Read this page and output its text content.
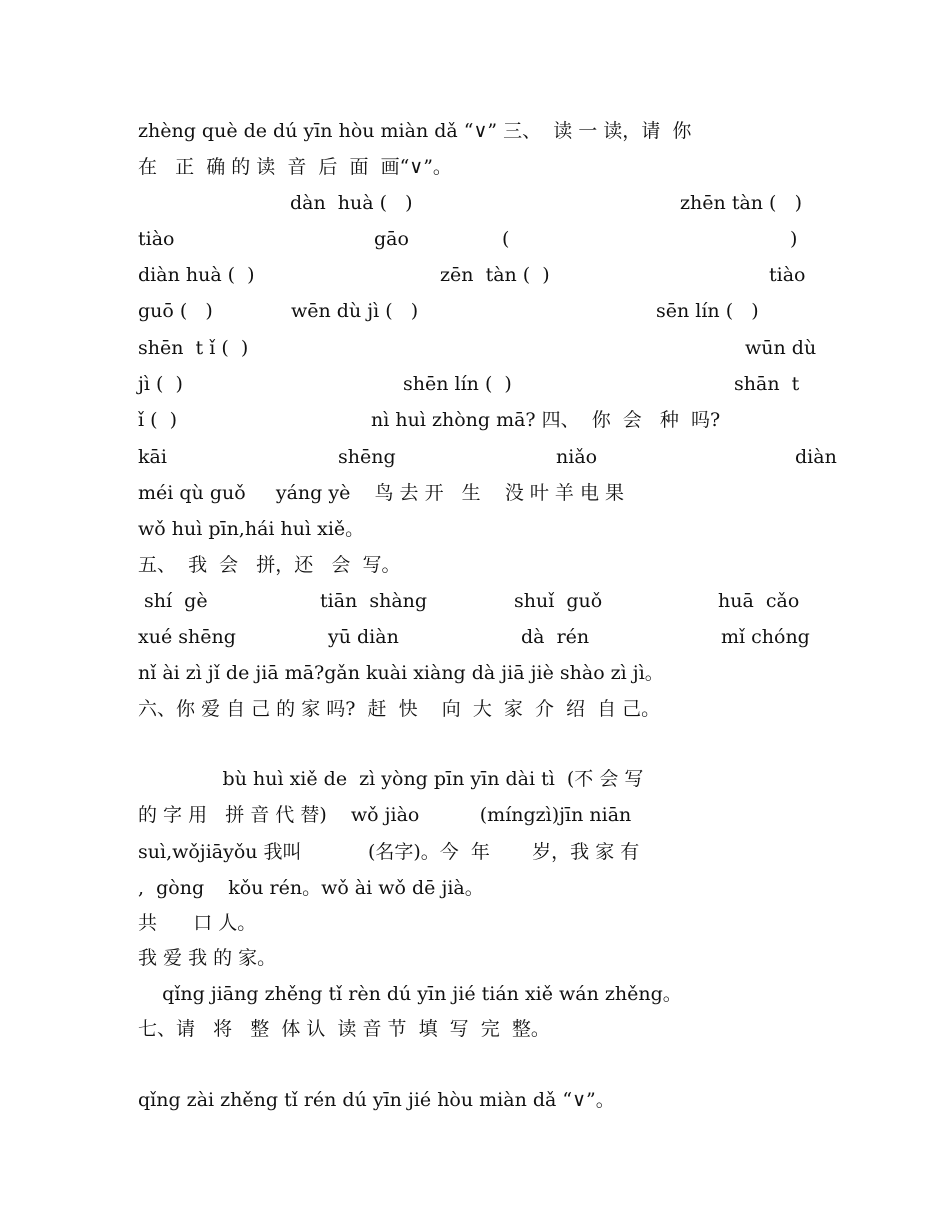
zhèng què de dú yīn hòu miàn dǎ “∨” 三、  读 一 读，请  你
在   正  确 的 读  音  后  面  画“∨”。
dàn  huà (   )	zhēn tàn (   )
tiào	gāo	(	)
diàn huà (  )	zēn  tàn (  )	tiào
guō (   )	wēn dù jì (   )	sēn lín (   )
shēn  t ǐ (  )	wūn dù
jì (  )	shēn lín (  )	shān  t
ǐ (  )	nì huì zhòng mā? 四、  你  会   种  吗?
kāi	shēng	niǎo	diàn
méi qù guǒ     yáng yè    鸟 去 开   生    没 叶 羊 电 果
wǒ huì pīn,hái huì xiě。
五、  我  会   拼，还   会  写。
shí  gè	tiān  shàng	shuǐ  guǒ	huā  cǎo
xué shēng	yū diàn	dà  rén	mǐ chóng
nǐ ài zì jǐ de jiā mā?gǎn kuài xiàng dà jiā jiè shào zì jì。
六、你 爱 自 己 的 家 吗?  赶  快    向  大  家  介  绍  自 己。
bù huì xiě de  zì yòng pīn yīn dài tì  (不 会 写
的 字 用   拼 音 代 替)    wǒ jiào          (míngzì)jīn niān
suì,wǒjiāyǒu 我叫           (名字)。今  年       岁，我 家 有
,  gòng    kǒu rén。wǒ ài wǒ dē jià。
共      口 人。
我 爱 我 的 家。
qǐng jiāng zhěng tǐ rèn dú yīn jié tián xiě wán zhěng。
七、请   将   整  体 认  读 音 节  填  写  完  整。
qǐng zài zhěng tǐ rén dú yīn jié hòu miàn dǎ “∨”。
